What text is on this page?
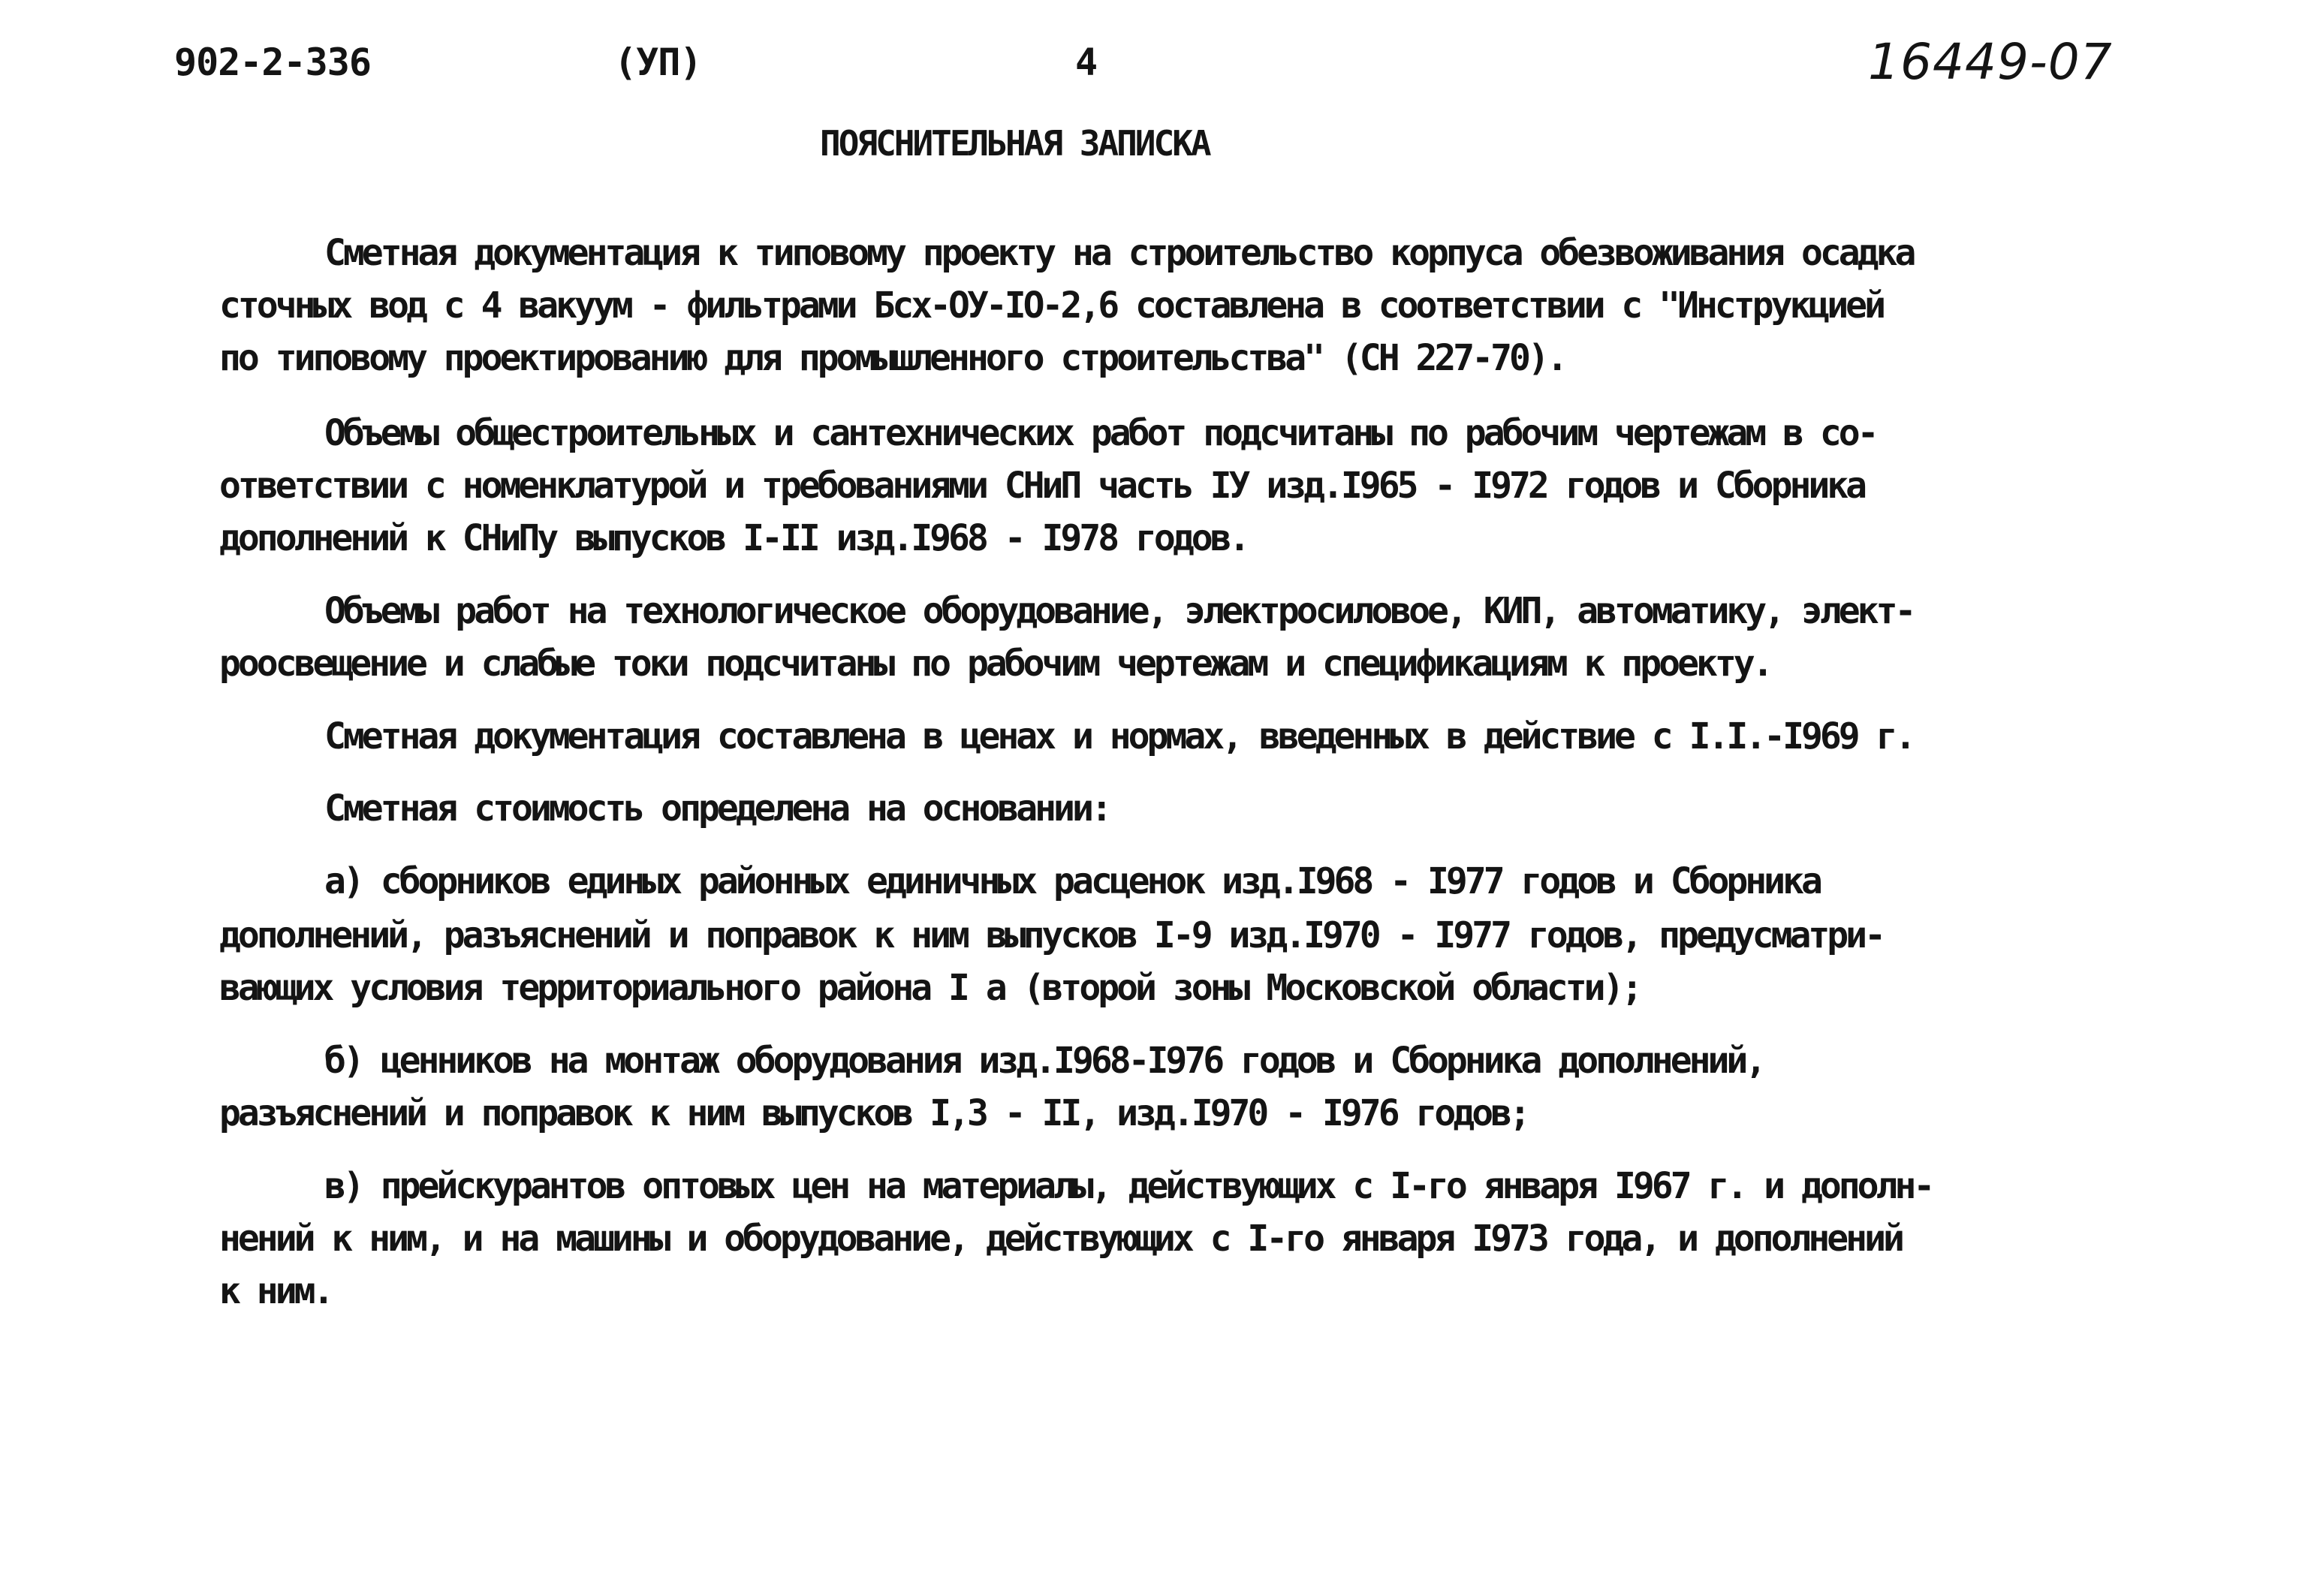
902-2-336	(УП)	4	16449-07
ПОЯСНИТЕЛЬНАЯ ЗАПИСКА
Сметная документация к типовому проекту на строительство корпуса обезвоживания осадка
сточных вод с 4 вакуум - фильтрами Бсх-ОУ-IO-2,6 составлена в соответствии с "Инструкцией
по типовому проектированию для промышленного строительства" (СН 227-70).
Объемы общестроительных и сантехнических работ подсчитаны по рабочим чертежам в со-
ответствии с номенклатурой и требованиями СНиП часть IУ изд.I965 - I972 годов и Сборника
дополнений к СНиПу выпусков I-II изд.I968 - I978 годов.
Объемы работ на технологическое оборудование, электросиловое, КИП, автоматику, элект-
роосвещение и слабые токи подсчитаны по рабочим чертежам и спецификациям к проекту.
Сметная документация составлена в ценах и нормах, введенных в действие с I.I.-I969 г.
Сметная стоимость определена на основании:
а) сборников единых районных единичных расценок изд.I968 - I977 годов и Сборника
дополнений, разъяснений и поправок к ним выпусков I-9 изд.I970 - I977 годов, предусматри-
вающих условия территориального района I а (второй зоны Московской области);
б) ценников на монтаж оборудования изд.I968-I976 годов и Сборника дополнений,
разъяснений и поправок к ним выпусков I,3 - II, изд.I970 - I976 годов;
в) прейскурантов оптовых цен на материалы, действующих с I-го января I967 г. и дополн-
нений к ним, и на машины и оборудование, действующих с I-го января I973 года, и дополнений
к ним.
